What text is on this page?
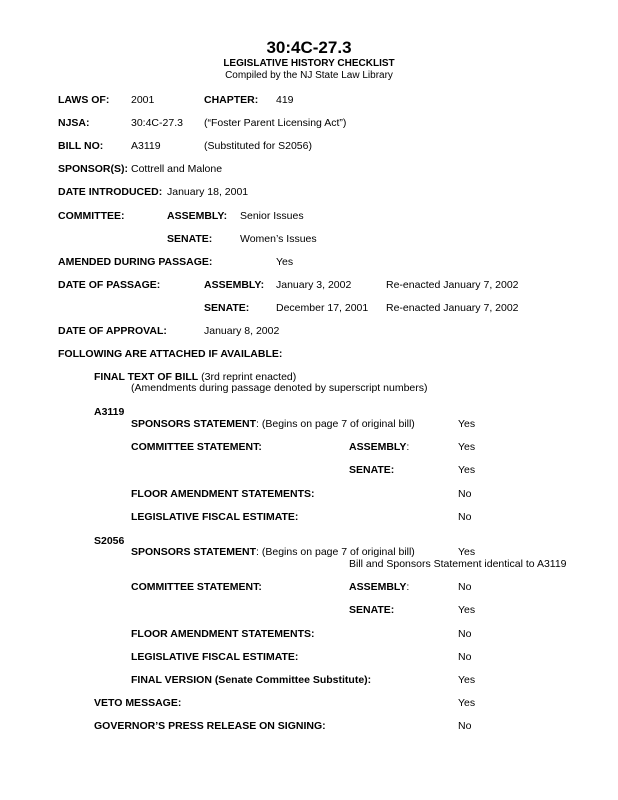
30:4C-27.3
LEGISLATIVE HISTORY CHECKLIST
Compiled by the NJ State Law Library
LAWS OF: 2001	CHAPTER: 419
NJSA:	30:4C-27.3 (“Foster Parent Licensing Act”)
BILL NO:	A3119	(Substituted for S2056)
SPONSOR(S): Cottrell and Malone
DATE INTRODUCED: January 18, 2001
COMMITTEE:	ASSEMBLY: Senior Issues
SENATE:	Women’s Issues
AMENDED DURING PASSAGE:	Yes
DATE OF PASSAGE:	ASSEMBLY: January 3, 2002	Re-enacted January 7, 2002
SENATE:	December 17, 2001 Re-enacted January 7, 2002
DATE OF APPROVAL:	January 8, 2002
FOLLOWING ARE ATTACHED IF AVAILABLE:
FINAL TEXT OF BILL (3rd reprint enacted)
(Amendments during passage denoted by superscript numbers)
A3119
SPONSORS STATEMENT: (Begins on page 7 of original bill)	Yes
COMMITTEE STATEMENT:	ASSEMBLY:	Yes
SENATE:	Yes
FLOOR AMENDMENT STATEMENTS:	No
LEGISLATIVE FISCAL ESTIMATE:	No
S2056
SPONSORS STATEMENT: (Begins on page 7 of original bill)	Yes
Bill and Sponsors Statement identical to A3119
COMMITTEE STATEMENT:	ASSEMBLY:	No
SENATE:	Yes
FLOOR AMENDMENT STATEMENTS:	No
LEGISLATIVE FISCAL ESTIMATE:	No
FINAL VERSION (Senate Committee Substitute):	Yes
VETO MESSAGE:	Yes
GOVERNOR’S PRESS RELEASE ON SIGNING:	No
